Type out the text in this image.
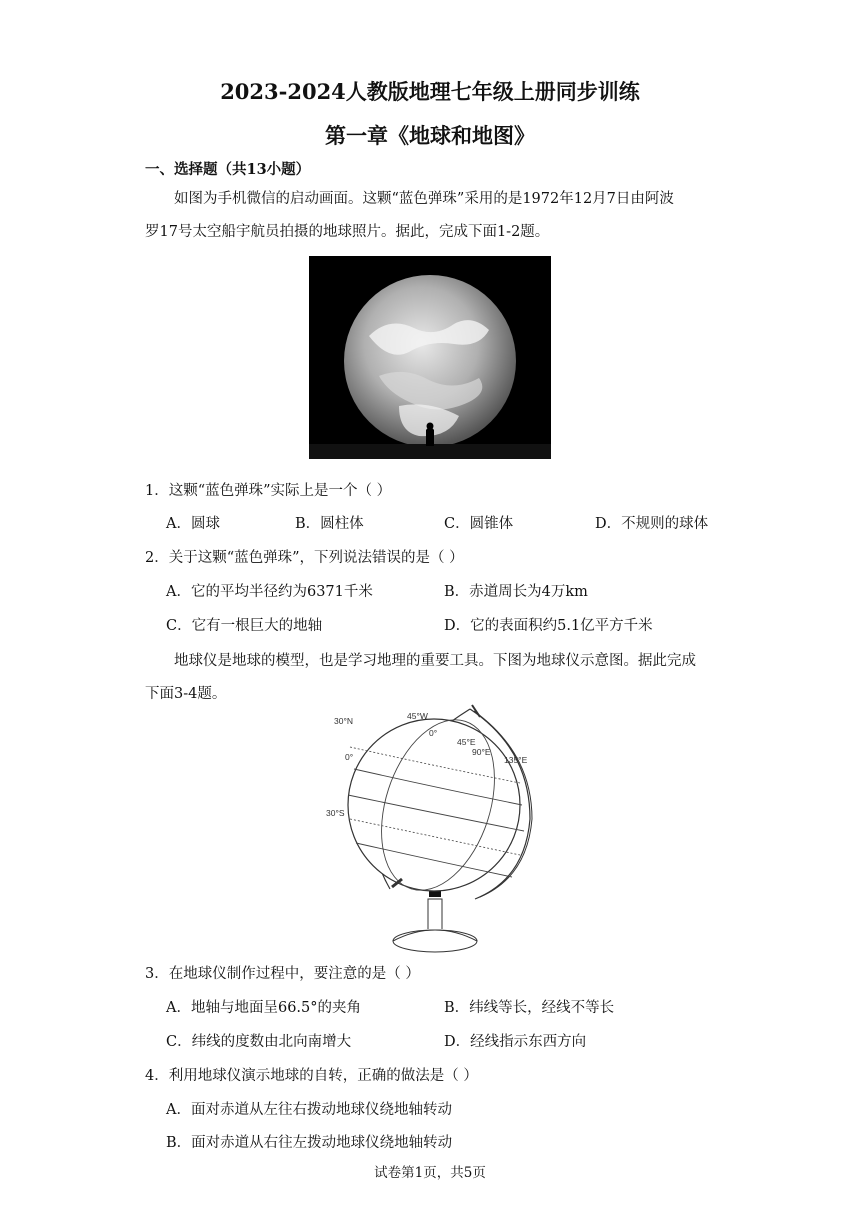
2023-2024人教版地理七年级上册同步训练
第一章《地球和地图》
一、选择题（共13小题）
如图为手机微信的启动画面。这颗“蓝色弹珠”采用的是1972年12月7日由阿波
罗17号太空船宇航员拍摄的地球照片。据此，完成下面1-2题。
1．这颗“蓝色弹珠”实际上是一个（ ）
A．圆球	B．圆柱体	C．圆锥体	D．不规则的球体
2．关于这颗“蓝色弹珠”，下列说法错误的是（ ）
A．它的平均半径约为6371千米	B．赤道周长为4万km
C．它有一根巨大的地轴	D．它的表面积约5.1亿平方千米
地球仪是地球的模型，也是学习地理的重要工具。下图为地球仪示意图。据此完成
下面3-4题。
30°N	45°W
0°
45°E
90°E
135°E
0°
30°S
3．在地球仪制作过程中，要注意的是（ ）
A．地轴与地面呈66.5°的夹角	B．纬线等长，经线不等长
C．纬线的度数由北向南增大	D．经线指示东西方向
4．利用地球仪演示地球的自转，正确的做法是（ ）
A．面对赤道从左往右拨动地球仪绕地轴转动
B．面对赤道从右往左拨动地球仪绕地轴转动
试卷第1页，共5页
